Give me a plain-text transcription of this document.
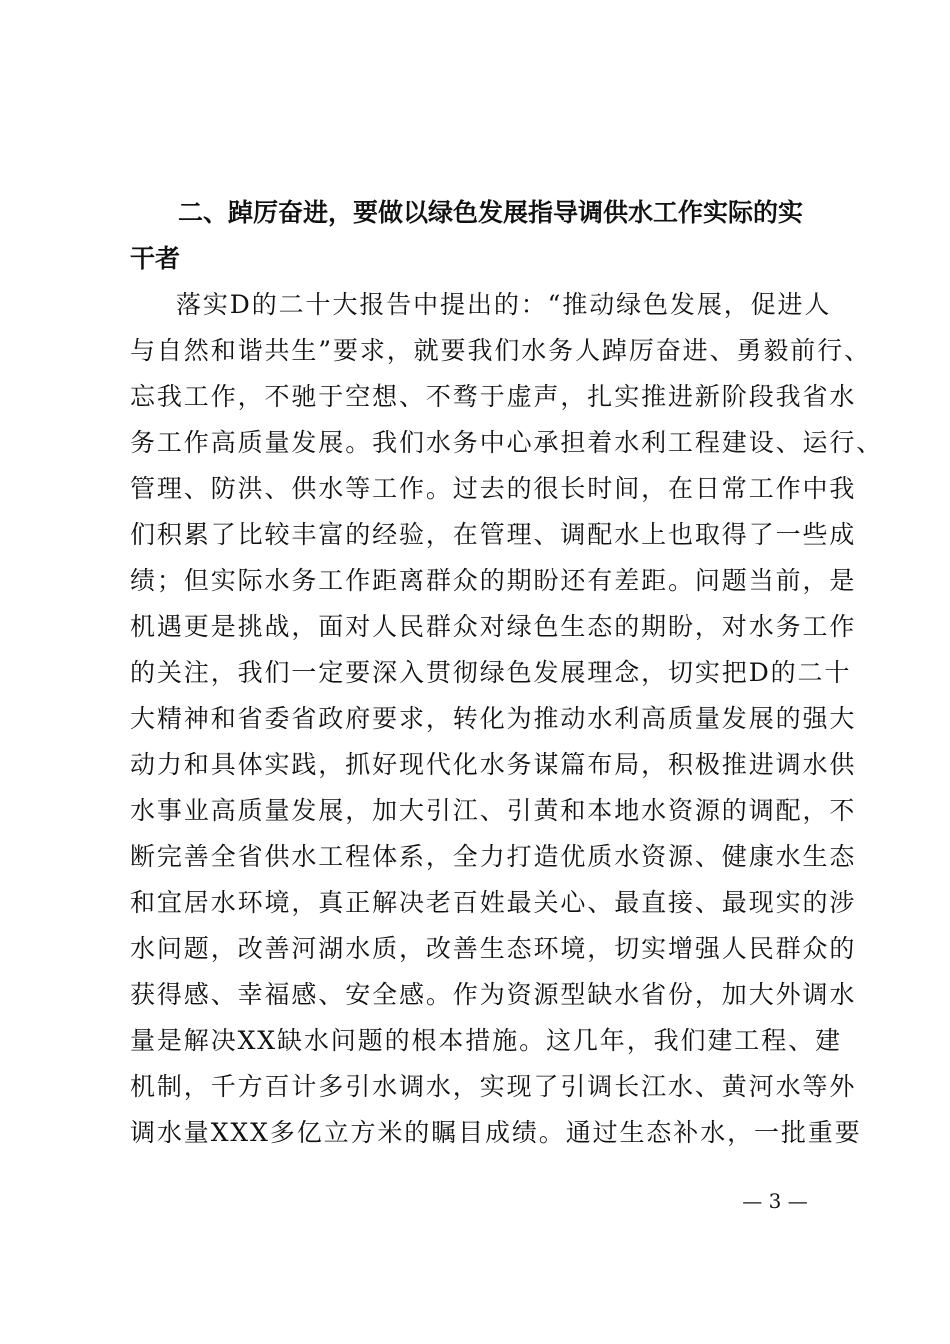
二、踔厉奋进，要做以绿色发展指导调供水工作实际的实
干者
落实D的二十大报告中提出的：“推动绿色发展，促进人
与自然和谐共生”要求，就要我们水务人踔厉奋进、勇毅前行、
忘我工作，不驰于空想、不骛于虚声，扎实推进新阶段我省水
务工作高质量发展。我们水务中心承担着水利工程建设、运行、
管理、防洪、供水等工作。过去的很长时间，在日常工作中我
们积累了比较丰富的经验，在管理、调配水上也取得了一些成
绩；但实际水务工作距离群众的期盼还有差距。问题当前，是
机遇更是挑战，面对人民群众对绿色生态的期盼，对水务工作
的关注，我们一定要深入贯彻绿色发展理念，切实把D的二十
大精神和省委省政府要求，转化为推动水利高质量发展的强大
动力和具体实践，抓好现代化水务谋篇布局，积极推进调水供
水事业高质量发展，加大引江、引黄和本地水资源的调配，不
断完善全省供水工程体系，全力打造优质水资源、健康水生态
和宜居水环境，真正解决老百姓最关心、最直接、最现实的涉
水问题，改善河湖水质，改善生态环境，切实增强人民群众的
获得感、幸福感、安全感。作为资源型缺水省份，加大外调水
量是解决XX缺水问题的根本措施。这几年，我们建工程、建
机制，千方百计多引水调水，实现了引调长江水、黄河水等外
调水量XXX多亿立方米的瞩目成绩。通过生态补水，一批重要
— 3 —
